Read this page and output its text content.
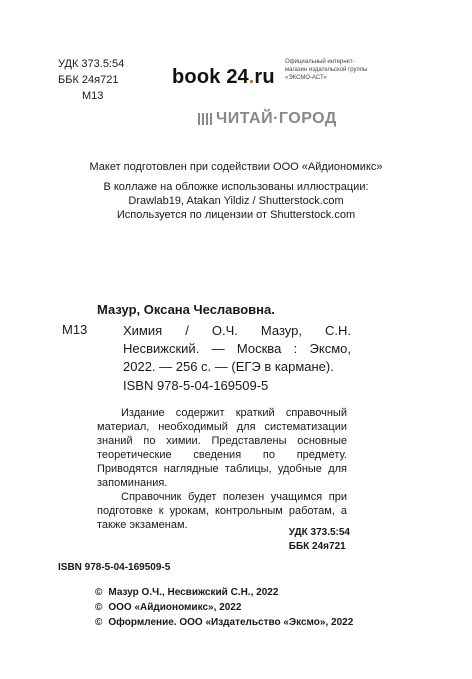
УДК 373.5:54
ББК 24я721
М13
book 24.ru
Официальный интернет-магазин издательской группы «ЭКСМО-АСТ»
ЧИТАЙ·ГОРОД
Макет подготовлен при содействии ООО «Айдиономикс»
В коллаже на обложке использованы иллюстрации:
Drawlab19, Atakan Yildiz / Shutterstock.com
Используется по лицензии от Shutterstock.com
Мазур, Оксана Чеславовна.
М13	Химия / О.Ч. Мазур, С.Н. Несвижский. — Москва : Эксмо, 2022. — 256 с. — (ЕГЭ в кармане).
ISBN 978-5-04-169509-5

Издание содержит краткий справочный материал, необходимый для систематизации знаний по химии. Представлены основные теоретические сведения по предмету. Приводятся наглядные таблицы, удобные для запоминания.

Справочник будет полезен учащимся при подготовке к урокам, контрольным работам, а также экзаменам.

УДК 373.5:54
ББК 24я721
ISBN 978-5-04-169509-5
© Мазур О.Ч., Несвижский С.Н., 2022
© ООО «Айдиономикс», 2022
© Оформление. ООО «Издательство «Эксмо», 2022
